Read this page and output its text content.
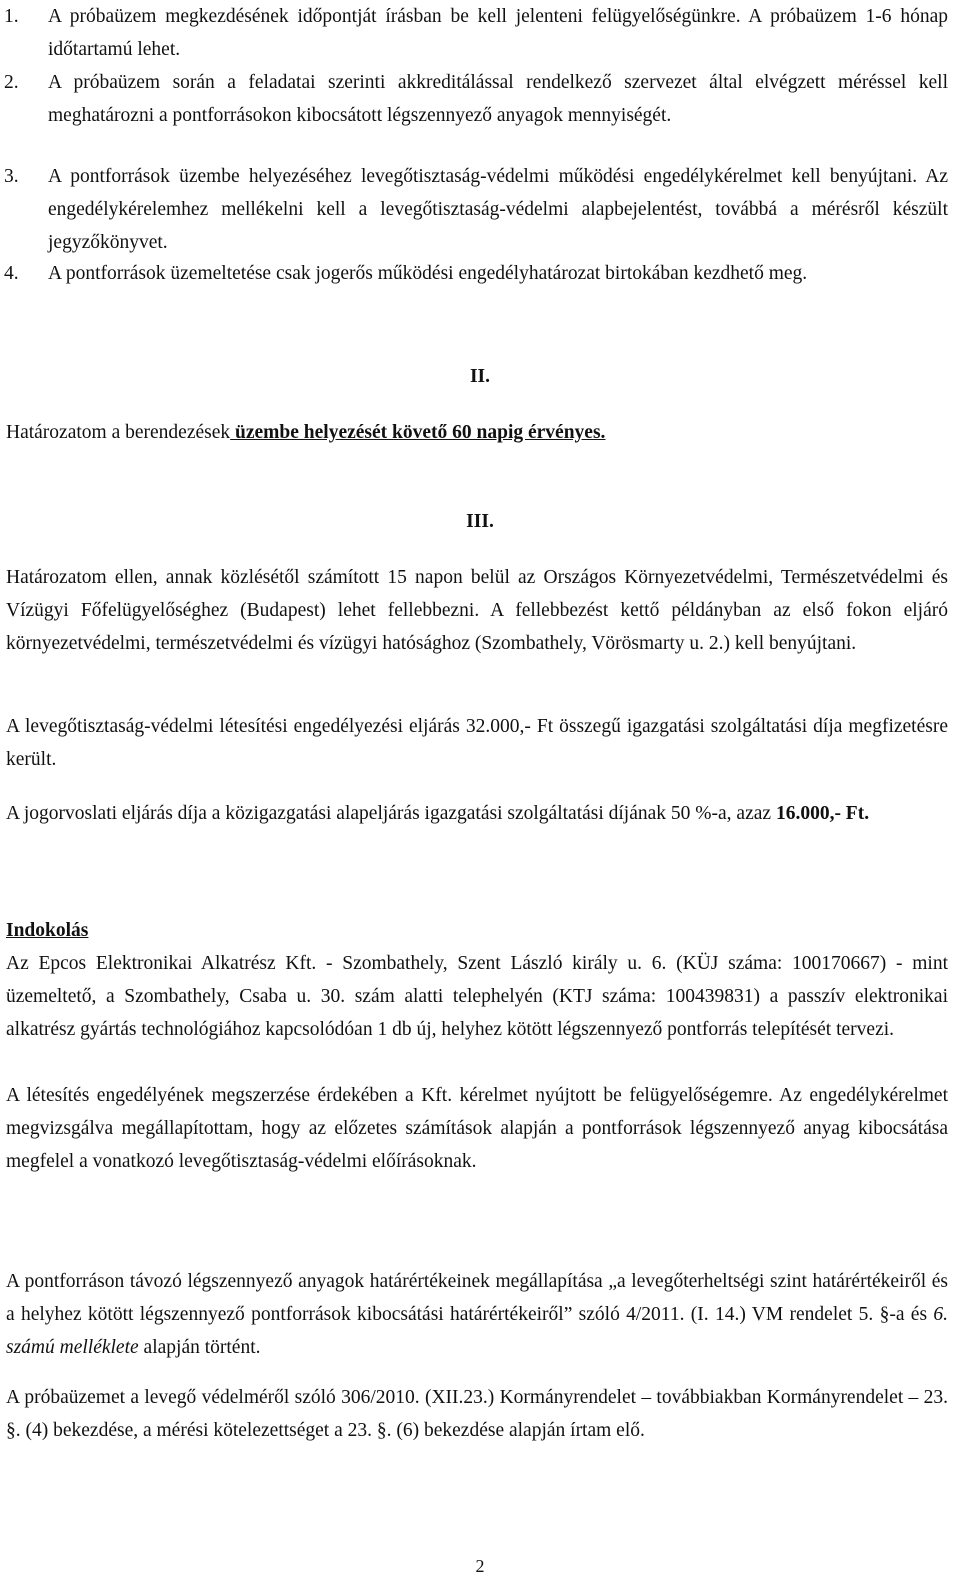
1. A próbaüzem megkezdésének időpontját írásban be kell jelenteni felügyelőségünkre. A próbaüzem 1-6 hónap időtartamú lehet.
2. A próbaüzem során a feladatai szerinti akkreditálással rendelkező szervezet által elvégzett méréssel kell meghatározni a pontforrásokon kibocsátott légszennyező anyagok mennyiségét.
3. A pontforrások üzembe helyezéséhez levegőtisztaság-védelmi működési engedélykérelmet kell benyújtani. Az engedélykérelemhez mellékelni kell a levegőtisztaság-védelmi alapbejelentést, továbbá a mérésről készült jegyzőkönyvet.
4. A pontforrások üzemeltetése csak jogerős működési engedélyhatározat birtokában kezdhető meg.
II.
Határozatom a berendezések üzembe helyezését követő 60 napig érvényes.
III.
Határozatom ellen, annak közlésétől számított 15 napon belül az Országos Környezetvédelmi, Természetvédelmi és Vízügyi Főfelügyelőséghez (Budapest) lehet fellebbezni. A fellebbezést kettő példányban az első fokon eljáró környezetvédelmi, természetvédelmi és vízügyi hatósághoz (Szombathely, Vörösmarty u. 2.) kell benyújtani.
A levegőtisztaság-védelmi létesítési engedélyezési eljárás 32.000,- Ft összegű igazgatási szolgáltatási díja megfizetésre került.
A jogorvoslati eljárás díja a közigazgatási alapeljárás igazgatási szolgáltatási díjának 50 %-a, azaz 16.000,- Ft.
Indokolás
Az Epcos Elektronikai Alkatrész Kft. - Szombathely, Szent László király u. 6. (KÜJ száma: 100170667) - mint üzemeltető, a Szombathely, Csaba u. 30. szám alatti telephelyén (KTJ száma: 100439831) a passzív elektronikai alkatrész gyártás technológiához kapcsolódóan 1 db új, helyhez kötött légszennyező pontforrás telepítését tervezi.
A létesítés engedélyének megszerzése érdekében a Kft. kérelmet nyújtott be felügyelőségemre. Az engedélykérelmet megvizsgálva megállapítottam, hogy az előzetes számítások alapján a pontforrások légszennyező anyag kibocsátása megfelel a vonatkozó levegőtisztaság-védelmi előírásoknak.
A pontforráson távozó légszennyező anyagok határértékeinek megállapítása „a levegőterheltségi szint határértékeiről és a helyhez kötött légszennyező pontforrások kibocsátási határértékeiről” szóló 4/2011. (I. 14.) VM rendelet 5. §-a és 6. számú melléklete alapján történt.
A próbaüzemet a levegő védelméről szóló 306/2010. (XII.23.) Kormányrendelet – továbbiakban Kormányrendelet – 23. §. (4) bekezdése, a mérési kötelezettséget a 23. §. (6) bekezdése alapján írtam elő.
2
